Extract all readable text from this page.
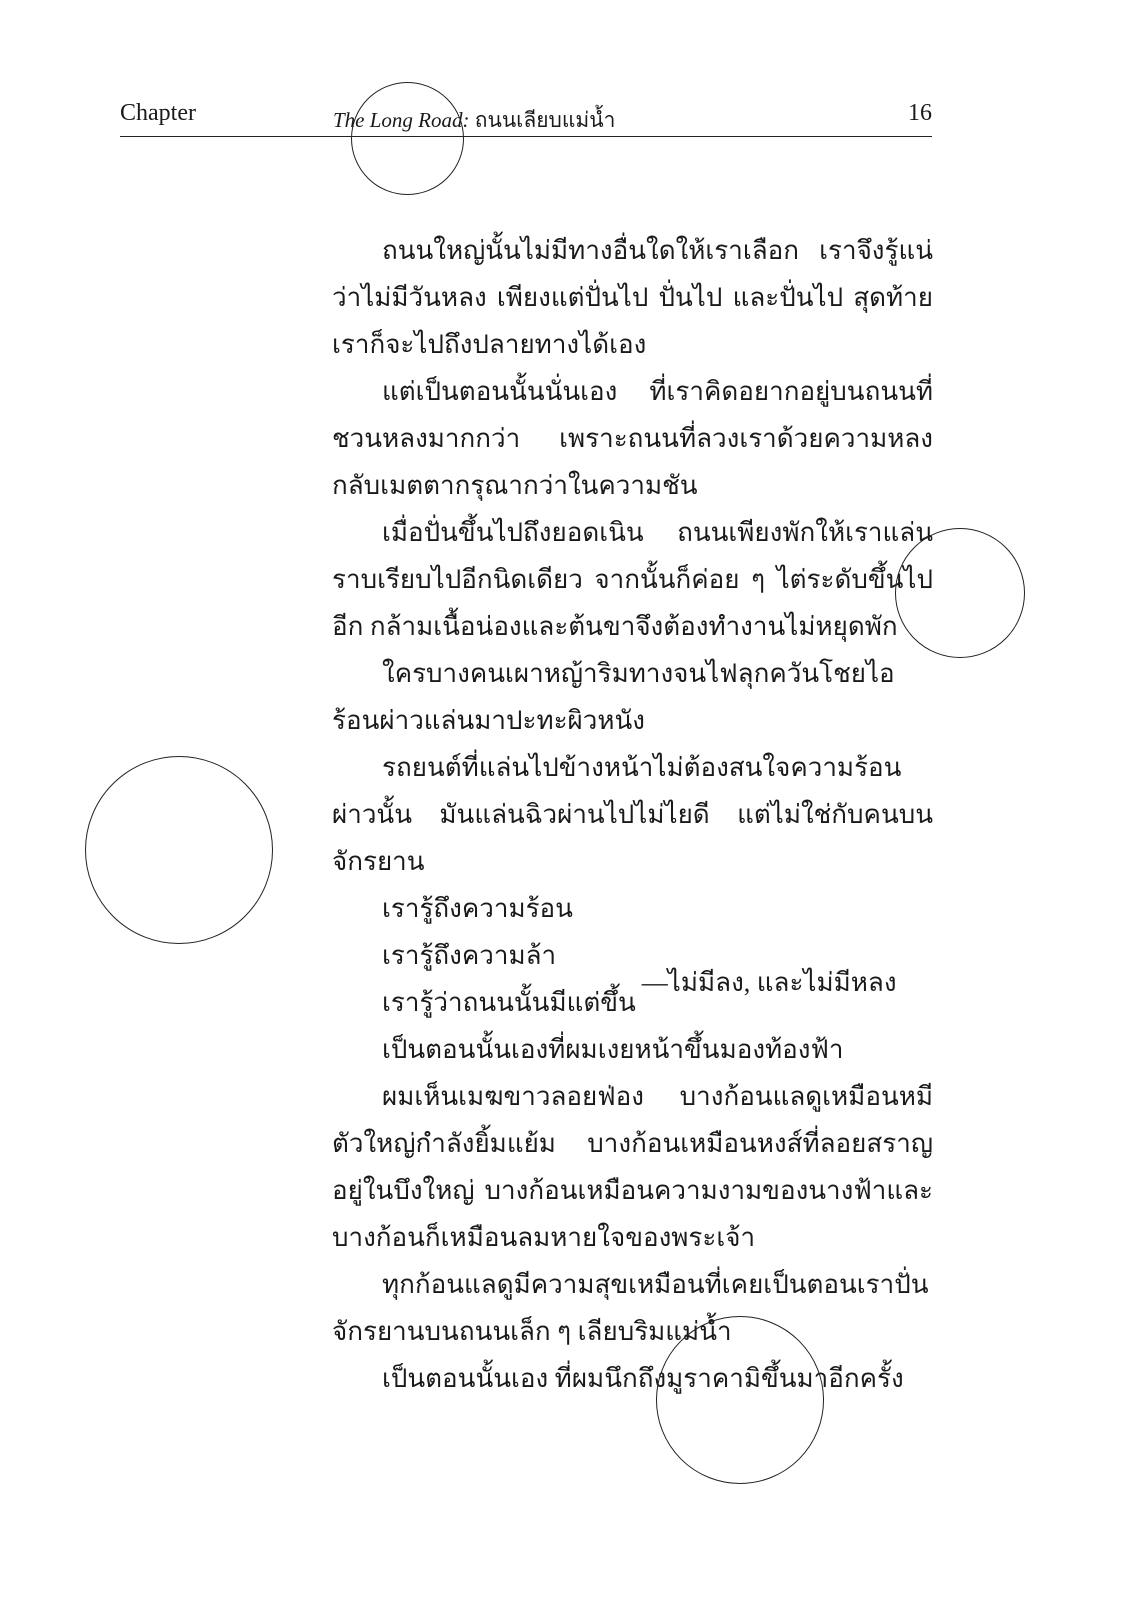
Chapter	The Long Road: ถนนเลียบแม่น้ำ	16

ถนนใหญ่นั้นไม่มีทางอื่นใดให้เราเลือก เราจึงรู้แน่ว่าไม่มีวันหลง เพียงแต่ปั่นไป ปั่นไป และปั่นไป สุดท้ายเราก็จะไปถึงปลายทางได้เอง

แต่เป็นตอนนั้นนั่นเอง ที่เราคิดอยากอยู่บนถนนที่ชวนหลงมากกว่า เพราะถนนที่ลวงเราด้วยความหลงกลับเมตตากรุณากว่าในความชัน

เมื่อปั่นขึ้นไปถึงยอดเนิน ถนนเพียงพักให้เราแล่นราบเรียบไปอีกนิดเดียว จากนั้นก็ค่อย ๆ ไต่ระดับขึ้นไปอีก กล้ามเนื้อน่องและต้นขาจึงต้องทำงานไม่หยุดพัก

ใครบางคนเผาหญ้าริมทางจนไฟลุกควันโชยไอร้อนผ่าวแล่นมาปะทะผิวหนัง

รถยนต์ที่แล่นไปข้างหน้าไม่ต้องสนใจความร้อนผ่าวนั้น มันแล่นฉิวผ่านไปไม่ไยดี แต่ไม่ใช่กับคนบนจักรยาน

เรารู้ถึงความร้อน

เรารู้ถึงความล้า

เรารู้ว่าถนนนั้นมีแต่ขึ้น—ไม่มีลง, และไม่มีหลง

เป็นตอนนั้นเองที่ผมเงยหน้าขึ้นมองท้องฟ้า

ผมเห็นเมฆขาวลอยฟ่อง บางก้อนแลดูเหมือนหมีตัวใหญ่กำลังยิ้มแย้ม บางก้อนเหมือนหงส์ที่ลอยสราญอยู่ในบึงใหญ่ บางก้อนเหมือนความงามของนางฟ้าและบางก้อนก็เหมือนลมหายใจของพระเจ้า

ทุกก้อนแลดูมีความสุขเหมือนที่เคยเป็นตอนเราปั่นจักรยานบนถนนเล็ก ๆ เลียบริมแม่น้ำ

เป็นตอนนั้นเอง ที่ผมนึกถึงมูราคามิขึ้นมาอีกครั้ง
